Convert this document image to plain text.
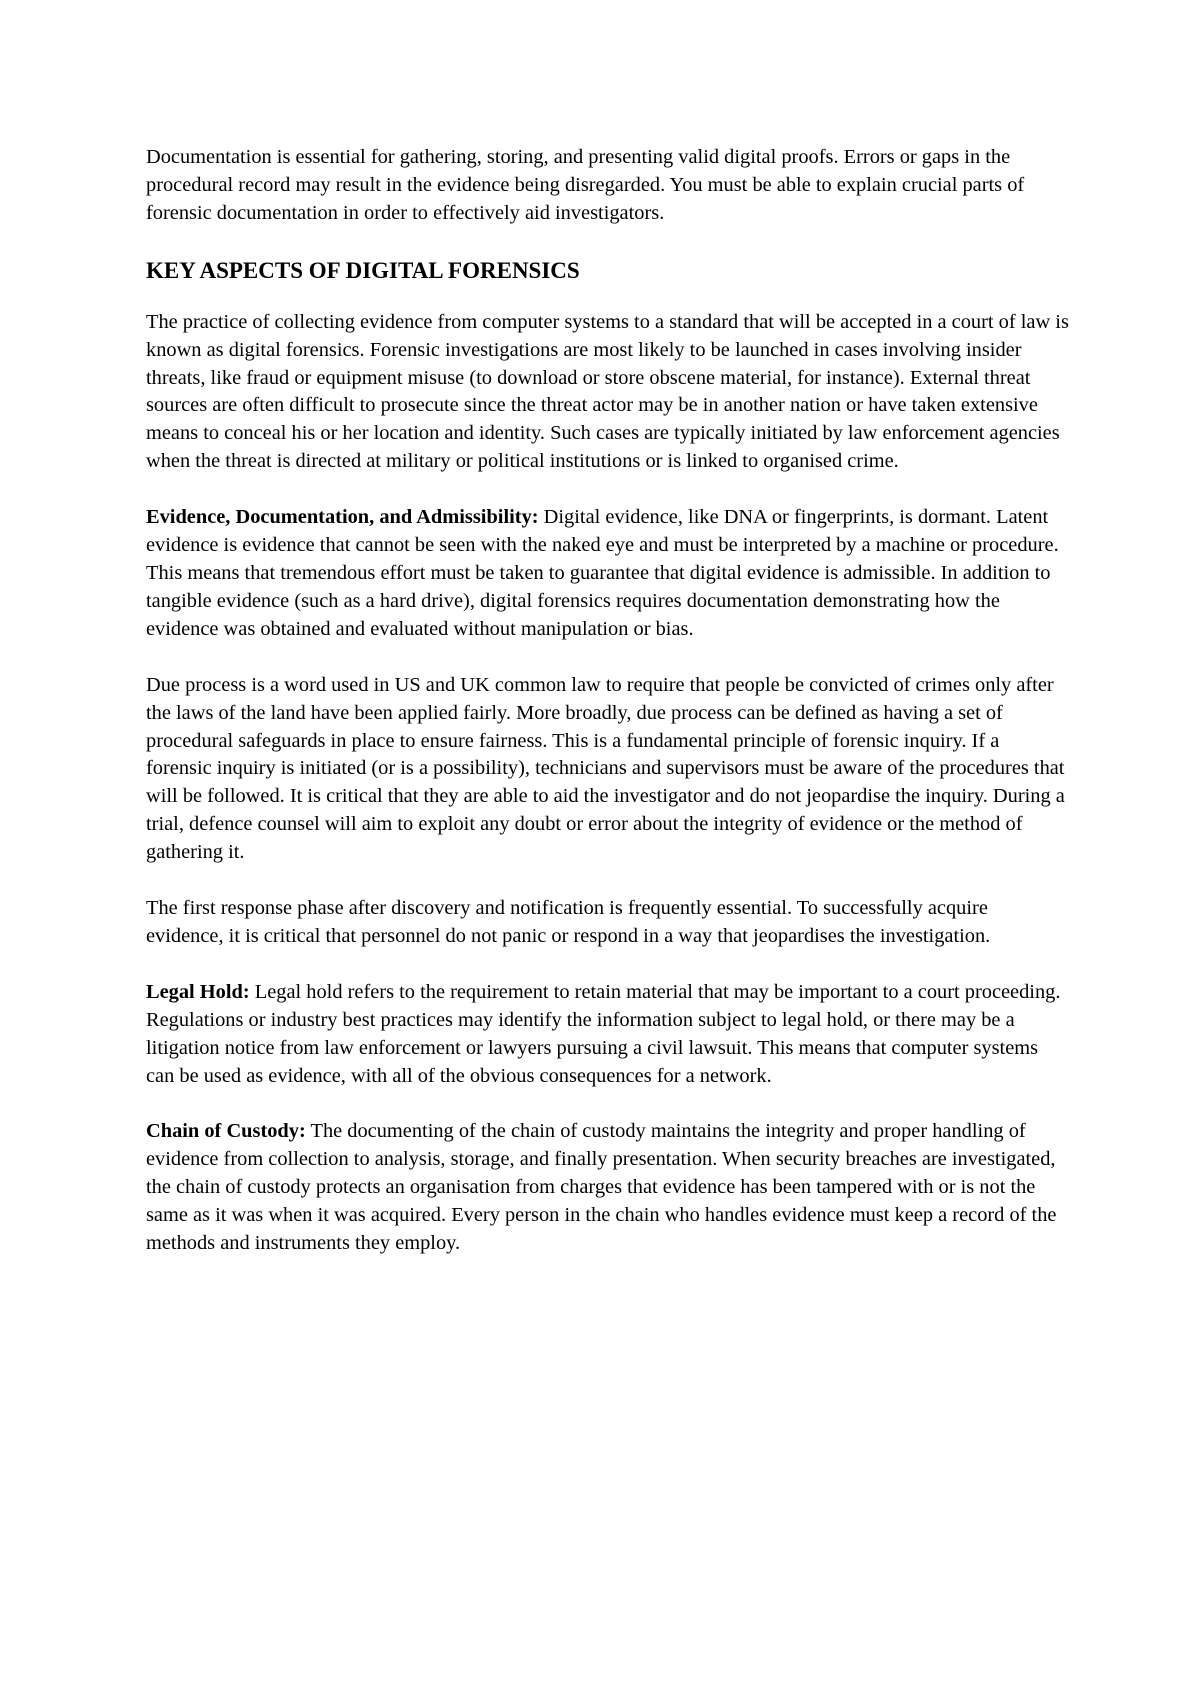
Documentation is essential for gathering, storing, and presenting valid digital proofs. Errors or gaps in the procedural record may result in the evidence being disregarded. You must be able to explain crucial parts of forensic documentation in order to effectively aid investigators.

KEY ASPECTS OF DIGITAL FORENSICS

The practice of collecting evidence from computer systems to a standard that will be accepted in a court of law is known as digital forensics. Forensic investigations are most likely to be launched in cases involving insider threats, like fraud or equipment misuse (to download or store obscene material, for instance). External threat sources are often difficult to prosecute since the threat actor may be in another nation or have taken extensive means to conceal his or her location and identity. Such cases are typically initiated by law enforcement agencies when the threat is directed at military or political institutions or is linked to organised crime.

Evidence, Documentation, and Admissibility: Digital evidence, like DNA or fingerprints, is dormant. Latent evidence is evidence that cannot be seen with the naked eye and must be interpreted by a machine or procedure. This means that tremendous effort must be taken to guarantee that digital evidence is admissible. In addition to tangible evidence (such as a hard drive), digital forensics requires documentation demonstrating how the evidence was obtained and evaluated without manipulation or bias.

Due process is a word used in US and UK common law to require that people be convicted of crimes only after the laws of the land have been applied fairly. More broadly, due process can be defined as having a set of procedural safeguards in place to ensure fairness. This is a fundamental principle of forensic inquiry. If a forensic inquiry is initiated (or is a possibility), technicians and supervisors must be aware of the procedures that will be followed. It is critical that they are able to aid the investigator and do not jeopardise the inquiry. During a trial, defence counsel will aim to exploit any doubt or error about the integrity of evidence or the method of gathering it.

The first response phase after discovery and notification is frequently essential. To successfully acquire evidence, it is critical that personnel do not panic or respond in a way that jeopardises the investigation.

Legal Hold: Legal hold refers to the requirement to retain material that may be important to a court proceeding. Regulations or industry best practices may identify the information subject to legal hold, or there may be a litigation notice from law enforcement or lawyers pursuing a civil lawsuit. This means that computer systems can be used as evidence, with all of the obvious consequences for a network.

Chain of Custody: The documenting of the chain of custody maintains the integrity and proper handling of evidence from collection to analysis, storage, and finally presentation. When security breaches are investigated, the chain of custody protects an organisation from charges that evidence has been tampered with or is not the same as it was when it was acquired. Every person in the chain who handles evidence must keep a record of the methods and instruments they employ.
